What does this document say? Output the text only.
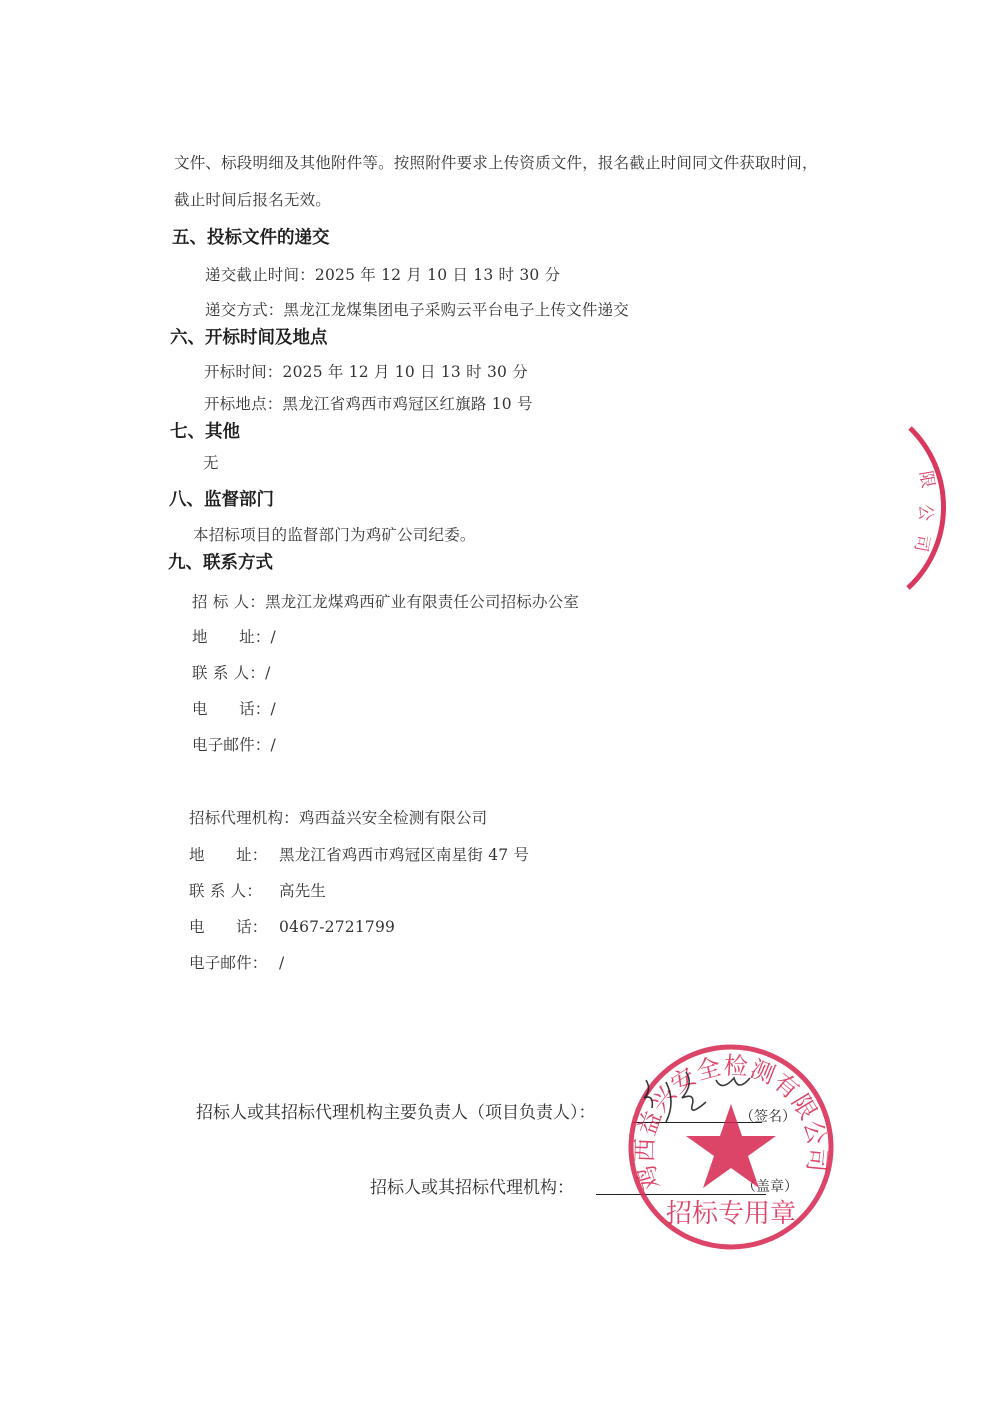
文件、标段明细及其他附件等。按照附件要求上传资质文件，报名截止时间同文件获取时间，
截止时间后报名无效。
五、投标文件的递交
递交截止时间：2025 年 12 月 10 日 13 时 30 分
递交方式：黑龙江龙煤集团电子采购云平台电子上传文件递交
六、开标时间及地点
开标时间：2025 年 12 月 10 日 13 时 30 分
开标地点：黑龙江省鸡西市鸡冠区红旗路 10 号
七、其他
无
八、监督部门
本招标项目的监督部门为鸡矿公司纪委。
九、联系方式
招 标 人：黑龙江龙煤鸡西矿业有限责任公司招标办公室
地　　址：/
联 系 人：/
电　　话：/
电子邮件：/
招标代理机构：鸡西益兴安全检测有限公司
地　　址： 黑龙江省鸡西市鸡冠区南星街 47 号
联 系 人： 高先生
电　　话： 0467-2721799
电子邮件： /
招标人或其招标代理机构主要负责人（项目负责人）：	（签名）
招标人或其招标代理机构：	（盖章）
限
公
司
鸡西益兴安全检测有限公司
招标专用章
